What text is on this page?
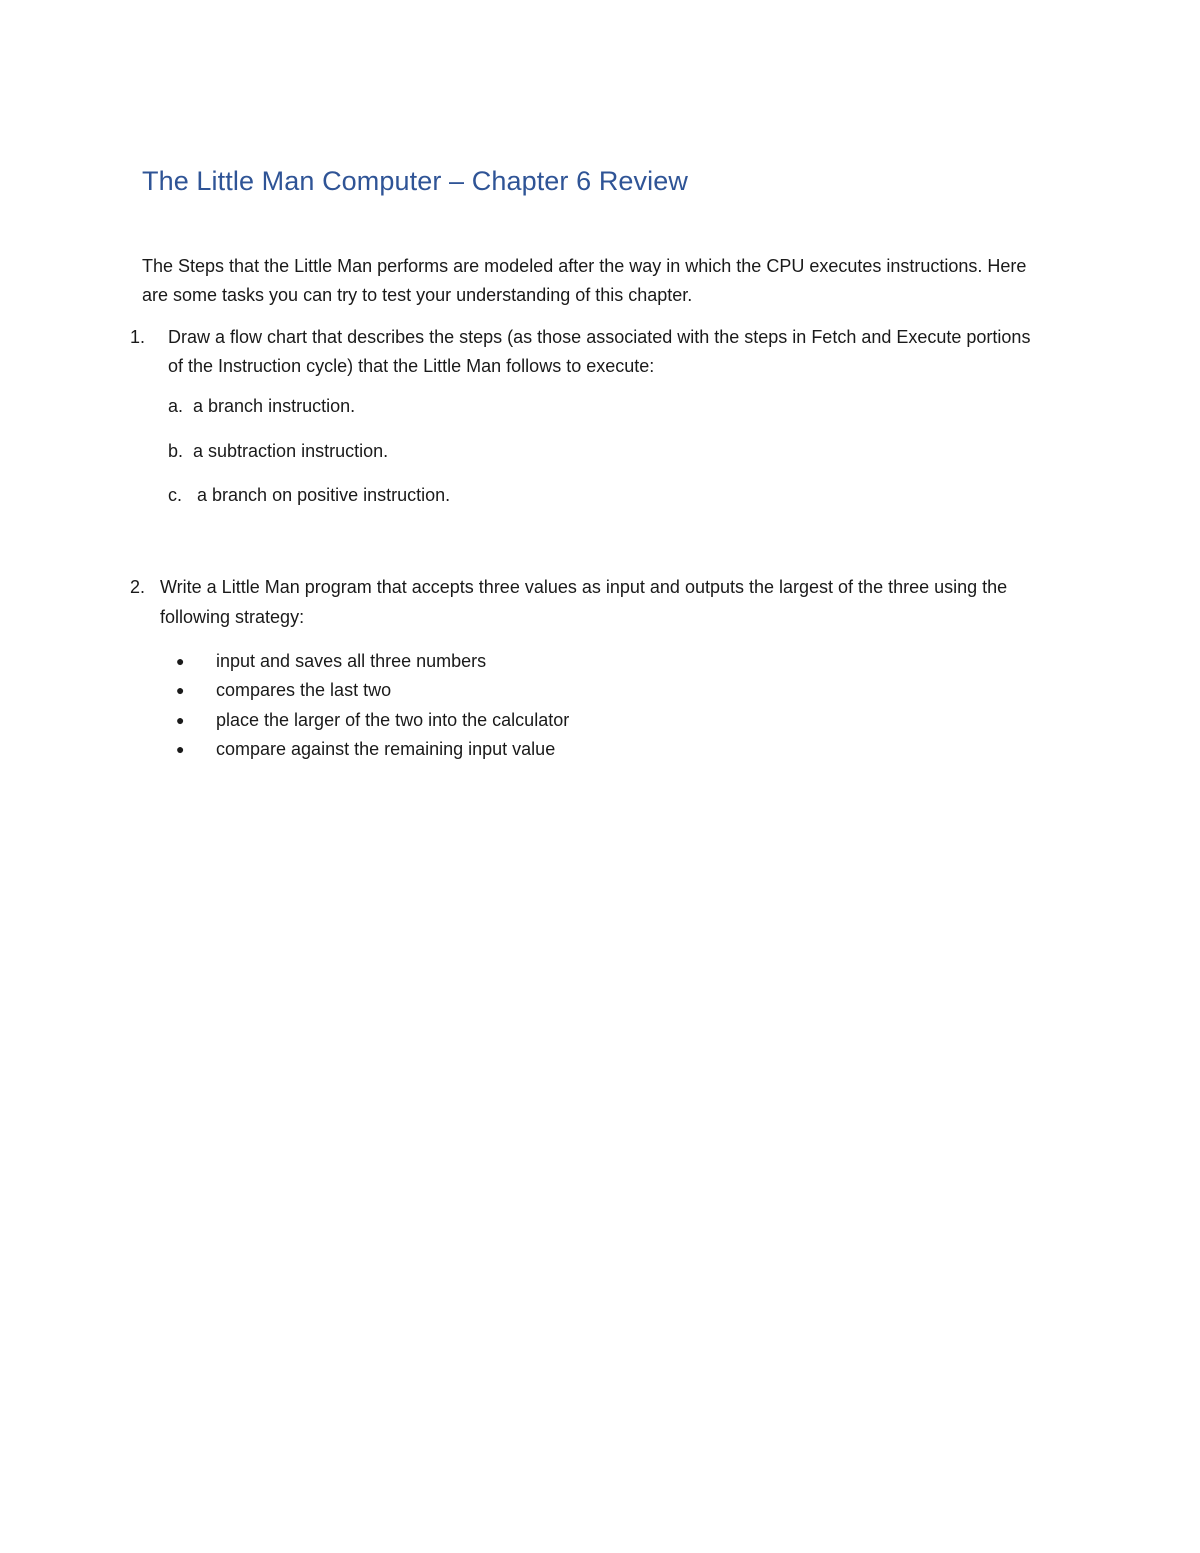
The Little Man Computer – Chapter 6 Review

The Steps that the Little Man performs are modeled after the way in which the CPU executes instructions. Here are some tasks you can try to test your understanding of this chapter.

1. Draw a flow chart that describes the steps (as those associated with the steps in Fetch and Execute portions of the Instruction cycle) that the Little Man follows to execute:
a. a branch instruction.
b. a subtraction instruction.
c. a branch on positive instruction.
2. Write a Little Man program that accepts three values as input and outputs the largest of the three using the following strategy:
● input and saves all three numbers
● compares the last two
● place the larger of the two into the calculator
● compare against the remaining input value
